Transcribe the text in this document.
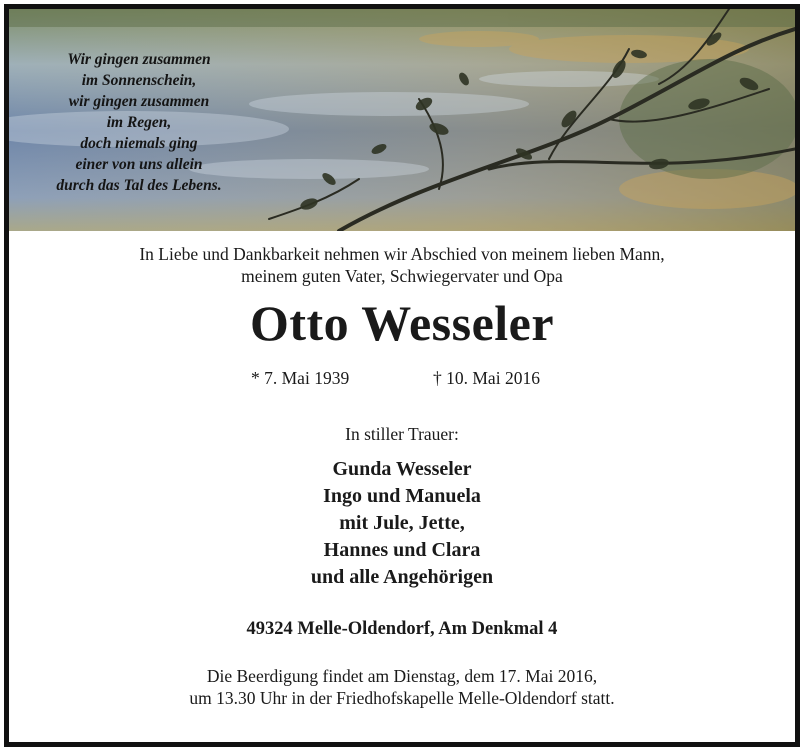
Wir gingen zusammen
im Sonnenschein,
wir gingen zusammen
im Regen,
doch niemals ging
einer von uns allein
durch das Tal des Lebens.
In Liebe und Dankbarkeit nehmen wir Abschied von meinem lieben Mann,
meinem guten Vater, Schwiegervater und Opa
Otto Wesseler
* 7. Mai 1939	† 10. Mai 2016
In stiller Trauer:
Gunda Wesseler
Ingo und Manuela
mit Jule, Jette,
Hannes und Clara
und alle Angehörigen
49324 Melle-Oldendorf, Am Denkmal 4
Die Beerdigung findet am Dienstag, dem 17. Mai 2016,
um 13.30 Uhr in der Friedhofskapelle Melle-Oldendorf statt.
